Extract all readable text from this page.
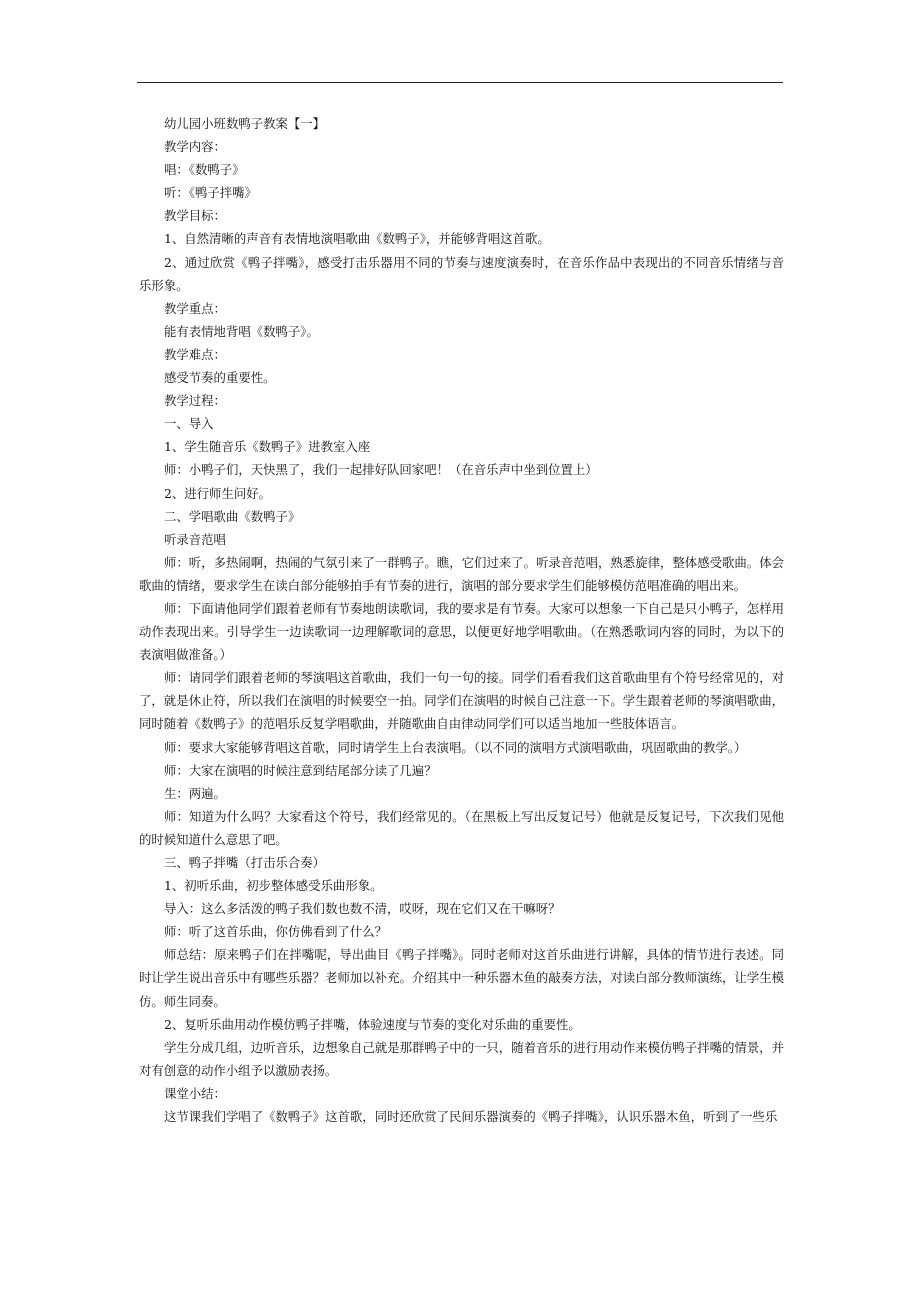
幼儿园小班数鸭子教案【一】

教学内容：

唱：《数鸭子》

听：《鸭子拌嘴》

教学目标：

1、自然清晰的声音有表情地演唱歌曲《数鸭子》，并能够背唱这首歌。

2、通过欣赏《鸭子拌嘴》，感受打击乐器用不同的节奏与速度演奏时，在音乐作品中表现出的不同音乐情绪与音乐形象。

教学重点：

能有表情地背唱《数鸭子》。

教学难点：

感受节奏的重要性。

教学过程：

一、导入

1、学生随音乐《数鸭子》进教室入座

师：小鸭子们，天快黑了，我们一起排好队回家吧！（在音乐声中坐到位置上）

2、进行师生问好。

二、学唱歌曲《数鸭子》

听录音范唱

师：听，多热闹啊，热闹的气氛引来了一群鸭子。瞧，它们过来了。听录音范唱，熟悉旋律，整体感受歌曲。体会歌曲的情绪，要求学生在读白部分能够拍手有节奏的进行，演唱的部分要求学生们能够模仿范唱准确的唱出来。

师：下面请他同学们跟着老师有节奏地朗读歌词，我的要求是有节奏。大家可以想象一下自己是只小鸭子，怎样用动作表现出来。引导学生一边读歌词一边理解歌词的意思，以便更好地学唱歌曲。（在熟悉歌词内容的同时，为以下的表演唱做准备。）

师：请同学们跟着老师的琴演唱这首歌曲，我们一句一句的接。同学们看看我们这首歌曲里有个符号经常见的，对了，就是休止符，所以我们在演唱的时候要空一拍。同学们在演唱的时候自己注意一下。学生跟着老师的琴演唱歌曲，同时随着《数鸭子》的范唱乐反复学唱歌曲，并随歌曲自由律动同学们可以适当地加一些肢体语言。

师：要求大家能够背唱这首歌，同时请学生上台表演唱。（以不同的演唱方式演唱歌曲，巩固歌曲的教学。）

师：大家在演唱的时候注意到结尾部分读了几遍？

生：两遍。

师：知道为什么吗？大家看这个符号，我们经常见的。（在黑板上写出反复记号）他就是反复记号，下次我们见他的时候知道什么意思了吧。

三、鸭子拌嘴（打击乐合奏）

1、初听乐曲，初步整体感受乐曲形象。

导入：这么多活泼的鸭子我们数也数不清，哎呀，现在它们又在干嘛呀？

师：听了这首乐曲，你仿佛看到了什么？

师总结：原来鸭子们在拌嘴呢，导出曲目《鸭子拌嘴》。同时老师对这首乐曲进行讲解，具体的情节进行表述。同时让学生说出音乐中有哪些乐器？老师加以补充。介绍其中一种乐器木鱼的敲奏方法，对读白部分教师演练，让学生模仿。师生同奏。

2、复听乐曲用动作模仿鸭子拌嘴，体验速度与节奏的变化对乐曲的重要性。

学生分成几组，边听音乐，边想象自己就是那群鸭子中的一只，随着音乐的进行用动作来模仿鸭子拌嘴的情景，并对有创意的动作小组予以激励表扬。

课堂小结：

这节课我们学唱了《数鸭子》这首歌，同时还欣赏了民间乐器演奏的《鸭子拌嘴》，认识乐器木鱼，听到了一些乐
